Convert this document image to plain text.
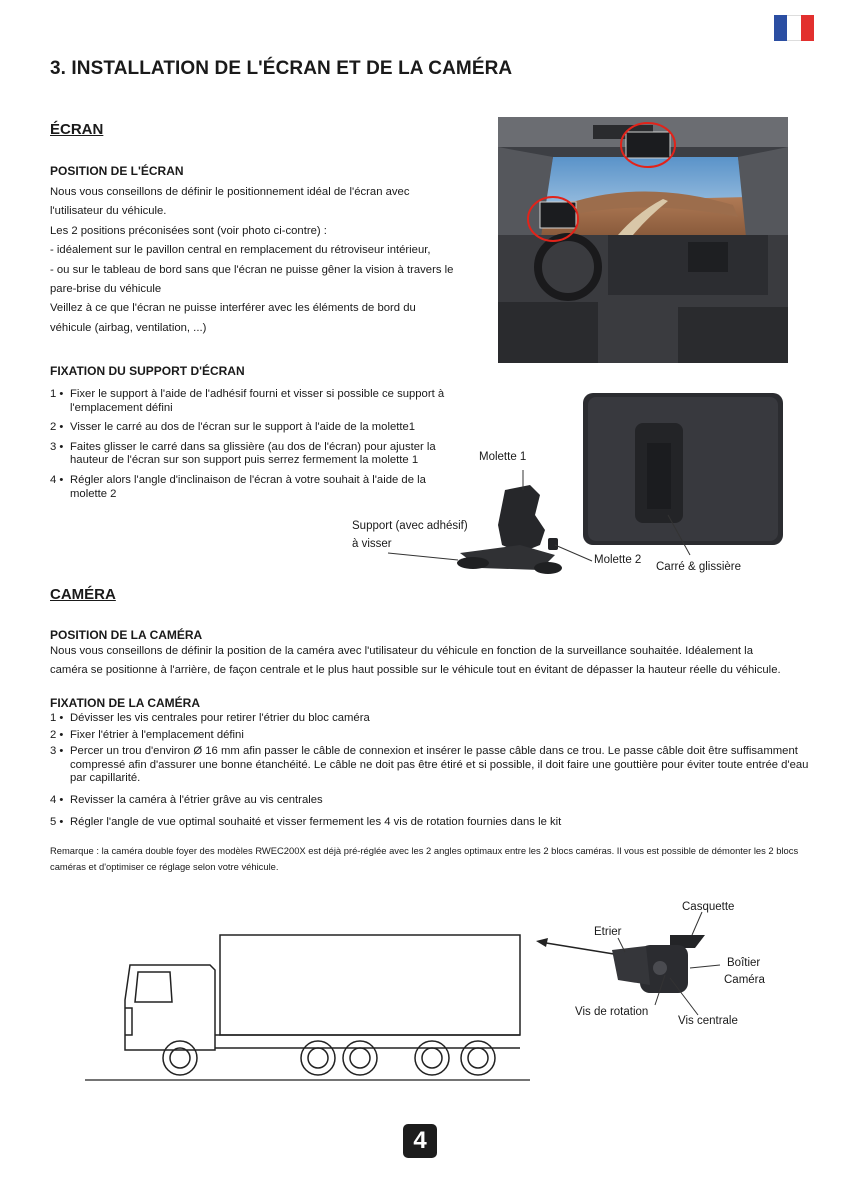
3. INSTALLATION DE L'ÉCRAN ET DE LA CAMÉRA
ÉCRAN
POSITION DE L'ÉCRAN

Nous vous conseillons de définir le positionnement idéal de l'écran avec

l'utilisateur du véhicule.

Les 2 positions préconisées sont (voir photo ci-contre) :

- idéalement sur le pavillon central en remplacement du rétroviseur intérieur,

- ou sur le tableau de bord sans que l'écran ne puisse gêner la vision à travers le

pare-brise du véhicule

Veillez à ce que l'écran ne puisse interférer avec les éléments de bord du

véhicule (airbag, ventilation, ...)

FIXATION DU SUPPORT D'ÉCRAN
1 • Fixer le support à l'aide de l'adhésif fourni et visser si possible ce support à l'emplacement défini
2 • Visser le carré au dos de l'écran sur le support à l'aide de la molette1
3 • Faites glisser le carré dans sa glissière (au dos de l'écran) pour ajuster la hauteur de l'écran sur son support puis serrez fermement la molette 1
4 • Régler alors l'angle d'inclinaison de l'écran à votre souhait à l'aide de la molette 2
Molette 1
Support (avec adhésif)
à visser
Molette 2
Carré & glissière
CAMÉRA
POSITION DE LA CAMÉRA

Nous vous conseillons de définir la position de la caméra avec l'utilisateur du véhicule en fonction de la surveillance souhaitée. Idéalement la

caméra se positionne à l'arrière, de façon centrale et le plus haut possible sur le véhicule tout en évitant de dépasser la hauteur réelle du véhicule.

FIXATION DE LA CAMÉRA
1 • Dévisser les vis centrales pour retirer l'étrier du bloc caméra
2 • Fixer l'étrier à l'emplacement défini
3 • Percer un trou d'environ Ø 16 mm afin passer le câble de connexion et insérer le passe câble dans ce trou. Le passe câble doit être suffisamment compressé afin d'assurer une bonne étanchéité. Le câble ne doit pas être étiré et si possible, il doit faire une gouttière pour éviter toute entrée d'eau par capillarité.
4 • Revisser la caméra à l'étrier grâve au vis centrales
5 • Régler l'angle de vue optimal souhaité et visser fermement les 4 vis de rotation fournies dans le kit
Remarque : la caméra double foyer des modèles RWEC200X est déjà pré-réglée avec les 2 angles optimaux entre les 2 blocs caméras. Il vous est possible de démonter les 2 blocs
caméras et d'optimiser ce réglage selon votre véhicule.
Casquette
Etrier
Boîtier
Caméra
Vis de rotation
Vis centrale
4
